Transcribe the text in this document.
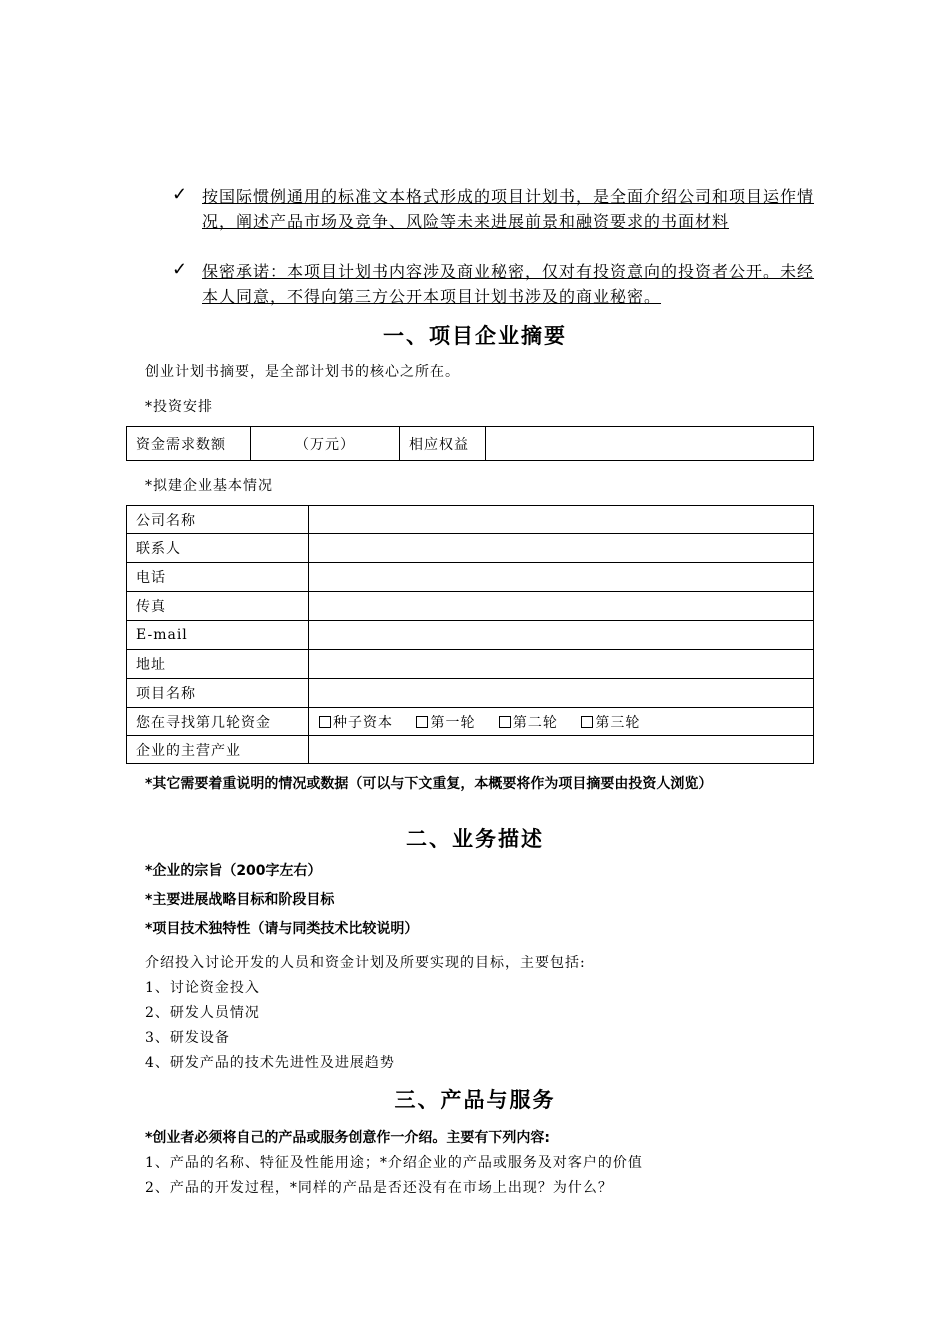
✓ 按国际惯例通用的标准文本格式形成的项目计划书，是全面介绍公司和项目运作情况，阐述产品市场及竞争、风险等未来进展前景和融资要求的书面材料
✓ 保密承诺：本项目计划书内容涉及商业秘密，仅对有投资意向的投资者公开。未经本人同意，不得向第三方公开本项目计划书涉及的商业秘密。
一、项目企业摘要
创业计划书摘要，是全部计划书的核心之所在。
*投资安排
资金需求数额	（万元）	相应权益	
*拟建企业基本情况
公司名称	
联系人	
电话	
传真	
E-mail	
地址	
项目名称	
您在寻找第几轮资金	种子资本 第一轮 第二轮 第三轮
企业的主营产业	
*其它需要着重说明的情况或数据（可以与下文重复，本概要将作为项目摘要由投资人浏览）
二、业务描述
*企业的宗旨（200字左右）
*主要进展战略目标和阶段目标
*项目技术独特性（请与同类技术比较说明）
介绍投入讨论开发的人员和资金计划及所要实现的目标，主要包括:
1、讨论资金投入
2、研发人员情况
3、研发设备
4、研发产品的技术先进性及进展趋势
三、产品与服务
*创业者必须将自己的产品或服务创意作一介绍。主要有下列内容:
1、产品的名称、特征及性能用途；*介绍企业的产品或服务及对客户的价值
2、产品的开发过程，*同样的产品是否还没有在市场上出现？为什么？
